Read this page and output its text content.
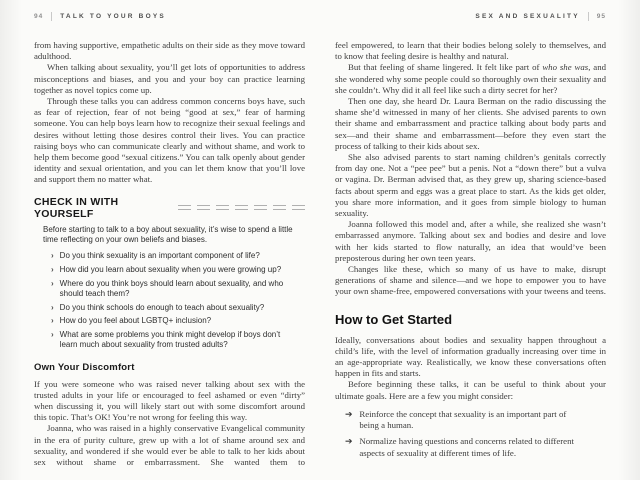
94	TALK TO YOUR BOYS	SEX AND SEXUALITY	95

from having supportive, empathetic adults on their side as they move toward adulthood.

When talking about sexuality, you’ll get lots of opportunities to address misconceptions and biases, and you and your boy can practice learning together as novel topics come up.

Through these talks you can address common concerns boys have, such as fear of rejection, fear of not being “good at sex,” fear of harming someone. You can help boys learn how to recognize their sexual feelings and desires without letting those desires control their lives. You can practice raising boys who can communicate clearly and without shame, and work to help them become good “sexual citizens.” You can talk openly about gender identity and sexual orientation, and you can let them know that you’ll love and support them no matter what.

CHECK IN WITH YOURSELF

Before starting to talk to a boy about sexuality, it’s wise to spend a little time reflecting on your own beliefs and biases.

› Do you think sexuality is an important component of life?
› How did you learn about sexuality when you were growing up?
› Where do you think boys should learn about sexuality, and who should teach them?
› Do you think schools do enough to teach about sexuality?
› How do you feel about LGBTQ+ inclusion?
› What are some problems you think might develop if boys don’t learn much about sexuality from trusted adults?
Own Your Discomfort

If you were someone who was raised never talking about sex with the trusted adults in your life or encouraged to feel ashamed or even “dirty” when discussing it, you will likely start out with some discomfort around this topic. That’s OK! You’re not wrong for feeling this way.

Joanna, who was raised in a highly conservative Evangelical community in the era of purity culture, grew up with a lot of shame around sex and sexuality, and wondered if she would ever be able to talk to her kids about sex without shame or embarrassment. She wanted them to

feel empowered, to learn that their bodies belong solely to themselves, and to know that feeling desire is healthy and natural.

But that feeling of shame lingered. It felt like part of who she was, and she wondered why some people could so thoroughly own their sexuality and she couldn’t. Why did it all feel like such a dirty secret for her?

Then one day, she heard Dr. Laura Berman on the radio discussing the shame she’d witnessed in many of her clients. She advised parents to own their shame and embarrassment and practice talking about body parts and sex—and their shame and embarrassment—before they even start the process of talking to their kids about sex.

She also advised parents to start naming children’s genitals correctly from day one. Not a “pee pee” but a penis. Not a “down there” but a vulva or vagina. Dr. Berman advised that, as they grew up, sharing science-based facts about sperm and eggs was a great place to start. As the kids get older, you share more information, and it goes from simple biology to human sexuality.

Joanna followed this model and, after a while, she realized she wasn’t embarrassed anymore. Talking about sex and bodies and desire and love with her kids started to flow naturally, an idea that would’ve been preposterous during her own teen years.

Changes like these, which so many of us have to make, disrupt generations of shame and silence—and we hope to empower you to have your own shame-free, empowered conversations with your tweens and teens.

How to Get Started

Ideally, conversations about bodies and sexuality happen throughout a child’s life, with the level of information gradually increasing over time in an age-appropriate way. Realistically, we know these conversations often happen in fits and starts.

Before beginning these talks, it can be useful to think about your ultimate goals. Here are a few you might consider:

➔ Reinforce the concept that sexuality is an important part of being a human.
➔ Normalize having questions and concerns related to different aspects of sexuality at different times of life.
